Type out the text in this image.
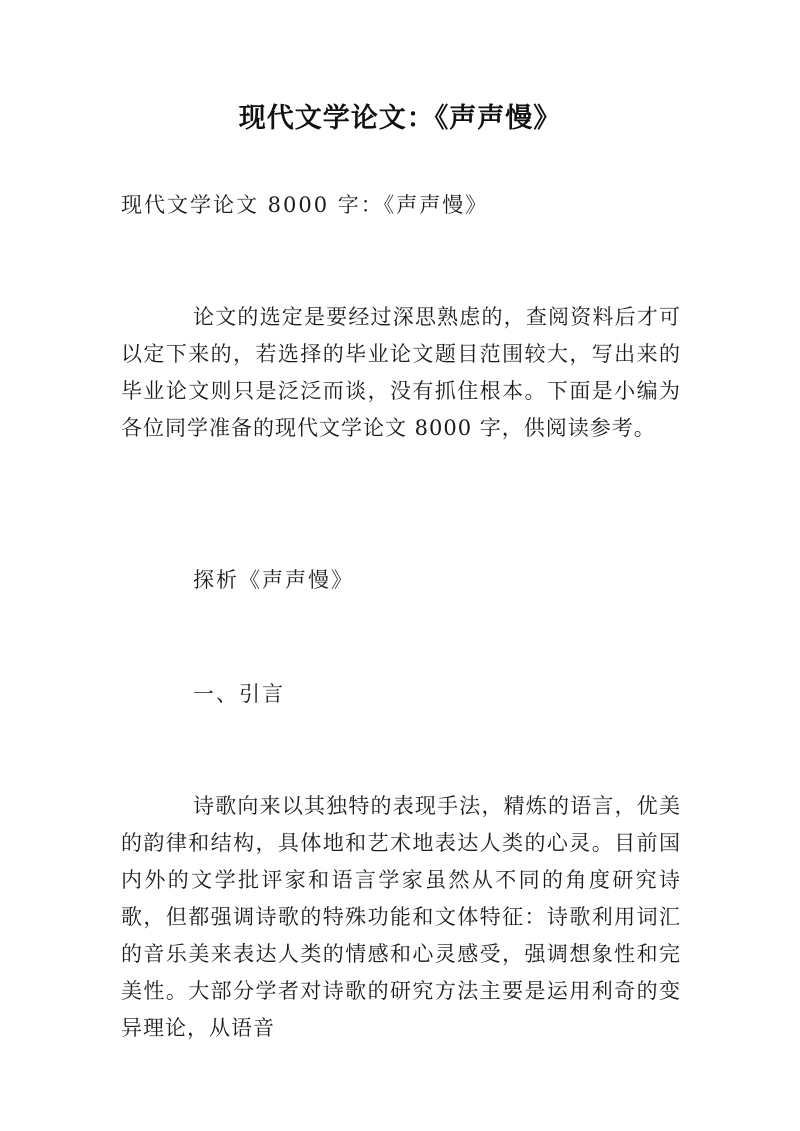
现代文学论文：《声声慢》
现代文学论文 8000 字：《声声慢》
论文的选定是要经过深思熟虑的，查阅资料后才可以定下来的，若选择的毕业论文题目范围较大，写出来的毕业论文则只是泛泛而谈，没有抓住根本。下面是小编为各位同学准备的现代文学论文 8000 字，供阅读参考。
探析《声声慢》
一、引言
诗歌向来以其独特的表现手法，精炼的语言，优美的韵律和结构，具体地和艺术地表达人类的心灵。目前国内外的文学批评家和语言学家虽然从不同的角度研究诗歌，但都强调诗歌的特殊功能和文体特征：诗歌利用词汇的音乐美来表达人类的情感和心灵感受，强调想象性和完美性。大部分学者对诗歌的研究方法主要是运用利奇的变异理论，从语音
